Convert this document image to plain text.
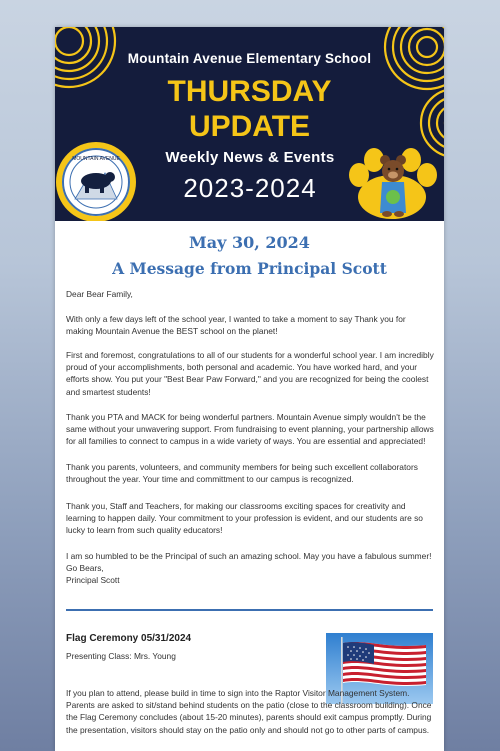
MOUNTAIN AVENUE
Mountain Avenue Elementary School
THURSDAY
UPDATE
Weekly News & Events
2023-2024
May 30, 2024
A Message from Principal Scott

Dear Bear Family,

With only a few days left of the school year, I wanted to take a moment to say Thank you for making Mountain Avenue the BEST school on the planet!

First and foremost, congratulations to all of our students for a wonderful school year. I am incredibly proud of your accomplishments, both personal and academic. You have worked hard, and your efforts show. You put your "Best Bear Paw Forward," and you are recognized for being the coolest and smartest students!

Thank you PTA and MACK for being wonderful partners. Mountain Avenue simply wouldn't be the same without your unwavering support. From fundraising to event planning, your partnership allows for all families to connect to campus in a wide variety of ways. You are essential and appreciated!

Thank you parents, volunteers, and community members for being such excellent collaborators throughout the year. Your time and committment to our campus is recognized.

Thank you, Staff and Teachers, for making our classrooms exciting spaces for creativity and learning to happen daily. Your commitment to your profession is evident, and our students are so lucky to learn from such quality educators!

I am so humbled to be the Principal of such an amazing school. May you have a fabulous summer!

Go Bears,

Principal Scott

Flag Ceremony 05/31/2024
Presenting Class: Mrs. Young

If you plan to attend, please build in time to sign into the Raptor Visitor Management System. Parents are asked to sit/stand behind students on the patio (close to the classroom building). Once the Flag Ceremony concludes (about 15-20 minutes), parents should exit campus promptly. During the presentation, visitors should stay on the patio only and should not go to other parts of campus.
